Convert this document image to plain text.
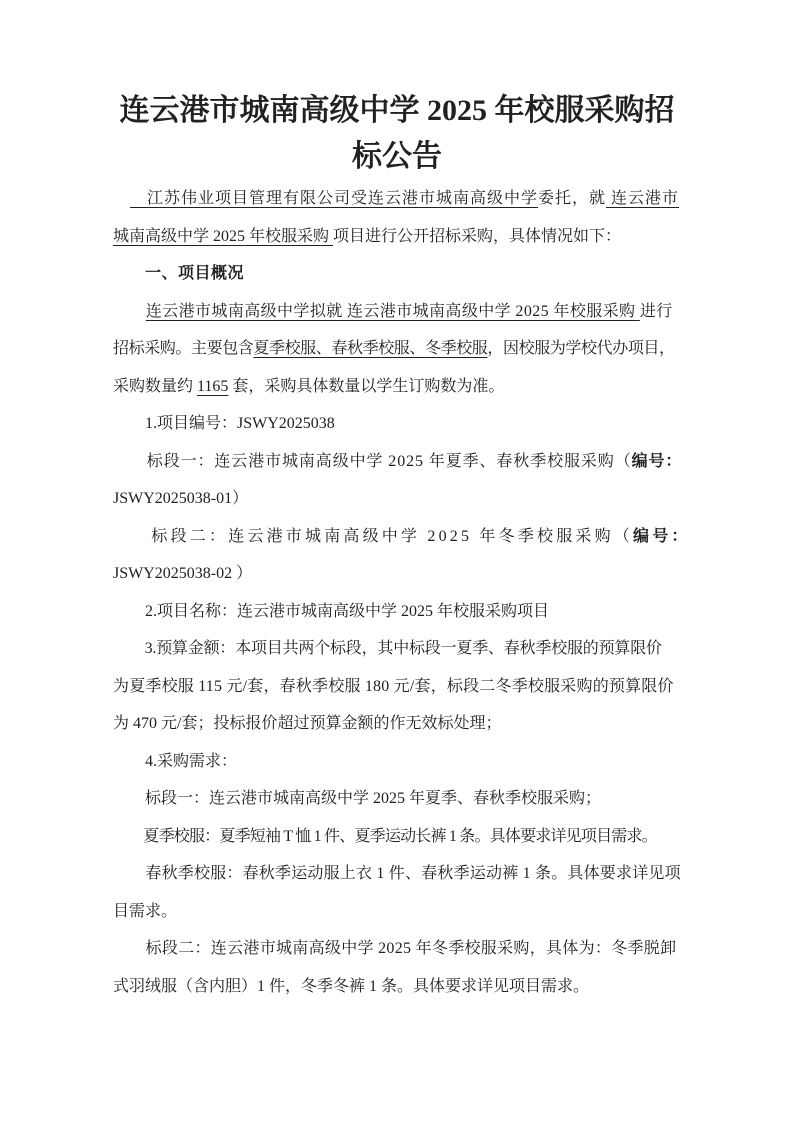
连云港市城南高级中学 2025 年校服采购招
标公告
　　江苏伟业项目管理有限公司受连云港市城南高级中学委托，就 连云港市
城南高级中学 2025 年校服采购 项目进行公开招标采购，具体情况如下：
　　一、项目概况
　　连云港市城南高级中学拟就 连云港市城南高级中学 2025 年校服采购 进行
招标采购。主要包含夏季校服、春秋季校服、冬季校服，因校服为学校代办项目，
采购数量约 1165 套，采购具体数量以学生订购数为准。
　　1.项目编号：JSWY2025038
　　标段一：连云港市城南高级中学 2025 年夏季、春秋季校服采购（编号：
JSWY2025038-01）
　　标段二：连云港市城南高级中学 2025 年冬季校服采购（编号：
JSWY2025038-02 ）
　　2.项目名称：连云港市城南高级中学 2025 年校服采购项目
　　3.预算金额：本项目共两个标段，其中标段一夏季、春秋季校服的预算限价
为夏季校服 115 元/套，春秋季校服 180 元/套，标段二冬季校服采购的预算限价
为 470 元/套；投标报价超过预算金额的作无效标处理；
　　4.采购需求：
　　标段一：连云港市城南高级中学 2025 年夏季、春秋季校服采购；
　　夏季校服：夏季短袖 T 恤 1 件、夏季运动长裤 1 条。具体要求详见项目需求。
　　春秋季校服：春秋季运动服上衣 1 件、春秋季运动裤 1 条。具体要求详见项
目需求。
　　标段二：连云港市城南高级中学 2025 年冬季校服采购，具体为：冬季脱卸
式羽绒服（含内胆）1 件，冬季冬裤 1 条。具体要求详见项目需求。
